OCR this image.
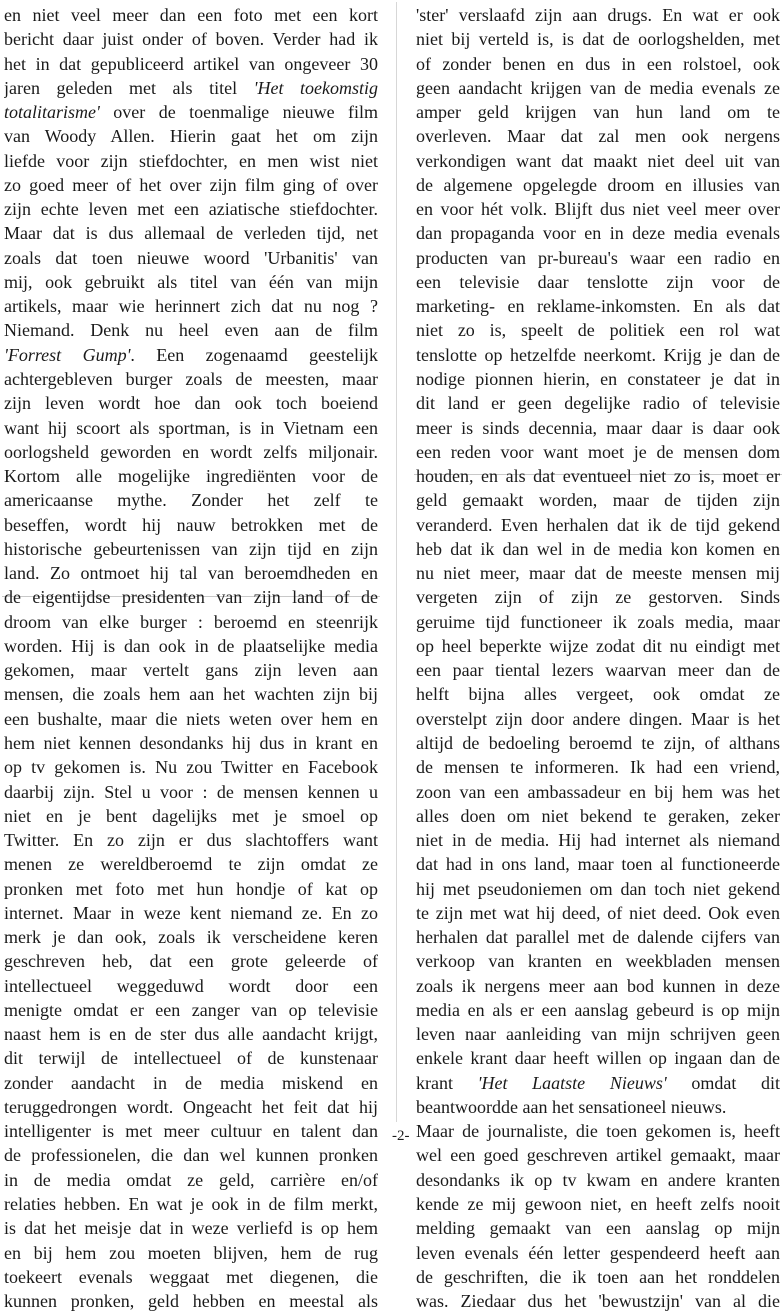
en niet veel meer dan een foto met een kort
bericht daar juist onder of boven. Verder had ik
het in dat gepubliceerd artikel van ongeveer 30
jaren geleden met als titel 'Het toekomstig
totalitarisme' over de toenmalige nieuwe film
van Woody Allen. Hierin gaat het om zijn
liefde voor zijn stiefdochter, en men wist niet
zo goed meer of het over zijn film ging of over
zijn echte leven met een aziatische stiefdochter.
Maar dat is dus allemaal de verleden tijd, net
zoals dat toen nieuwe woord 'Urbanitis' van
mij, ook gebruikt als titel van één van mijn
artikels, maar wie herinnert zich dat nu nog ?
Niemand. Denk nu heel even aan de film
'Forrest Gump'. Een zogenaamd geestelijk
achtergebleven burger zoals de meesten, maar
zijn leven wordt hoe dan ook toch boeiend
want hij scoort als sportman, is in Vietnam een
oorlogsheld geworden en wordt zelfs miljonair.
Kortom alle mogelijke ingrediënten voor de
americaanse mythe. Zonder het zelf te
beseffen, wordt hij nauw betrokken met de
historische gebeurtenissen van zijn tijd en zijn
land. Zo ontmoet hij tal van beroemdheden en
de eigentijdse presidenten van zijn land of de
droom van elke burger : beroemd en steenrijk
worden. Hij is dan ook in de plaatselijke media
gekomen, maar vertelt gans zijn leven aan
mensen, die zoals hem aan het wachten zijn bij
een bushalte, maar die niets weten over hem en
hem niet kennen desondanks hij dus in krant en
op tv gekomen is. Nu zou Twitter en Facebook
daarbij zijn. Stel u voor : de mensen kennen u
niet en je bent dagelijks met je smoel op
Twitter. En zo zijn er dus slachtoffers want
menen ze wereldberoemd te zijn omdat ze
pronken met foto met hun hondje of kat op
internet. Maar in weze kent niemand ze. En zo
merk je dan ook, zoals ik verscheidene keren
geschreven heb, dat een grote geleerde of
intellectueel weggeduwd wordt door een
menigte omdat er een zanger van op televisie
naast hem is en de ster dus alle aandacht krijgt,
dit terwijl de intellectueel of de kunstenaar
zonder aandacht in de media miskend en
teruggedrongen wordt. Ongeacht het feit dat hij
intelligenter is met meer cultuur en talent dan
de professionelen, die dan wel kunnen pronken
in de media omdat ze geld, carrière en/of
relaties hebben. En wat je ook in de film merkt,
is dat het meisje dat in weze verliefd is op hem
en bij hem zou moeten blijven, hem de rug
toekeert evenals weggaat met diegenen, die
kunnen pronken, geld hebben en meestal als
'ster' verslaafd zijn aan drugs. En wat er ook
niet bij verteld is, is dat de oorlogshelden, met
of zonder benen en dus in een rolstoel, ook
geen aandacht krijgen van de media evenals ze
amper geld krijgen van hun land om te
overleven. Maar dat zal men ook nergens
verkondigen want dat maakt niet deel uit van
de algemene opgelegde droom en illusies van
en voor hét volk. Blijft dus niet veel meer over
dan propaganda voor en in deze media evenals
producten van pr-bureau's waar een radio en
een televisie daar tenslotte zijn voor de
marketing- en reklame-inkomsten. En als dat
niet zo is, speelt de politiek een rol wat
tenslotte op hetzelfde neerkomt. Krijg je dan de
nodige pionnen hierin, en constateer je dat in
dit land er geen degelijke radio of televisie
meer is sinds decennia, maar daar is daar ook
een reden voor want moet je de mensen dom
houden, en als dat eventueel niet zo is, moet er
geld gemaakt worden, maar de tijden zijn
veranderd. Even herhalen dat ik de tijd gekend
heb dat ik dan wel in de media kon komen en
nu niet meer, maar dat de meeste mensen mij
vergeten zijn of zijn ze gestorven. Sinds
geruime tijd functioneer ik zoals media, maar
op heel beperkte wijze zodat dit nu eindigt met
een paar tiental lezers waarvan meer dan de
helft bijna alles vergeet, ook omdat ze
overstelpt zijn door andere dingen. Maar is het
altijd de bedoeling beroemd te zijn, of althans
de mensen te informeren. Ik had een vriend,
zoon van een ambassadeur en bij hem was het
alles doen om niet bekend te geraken, zeker
niet in de media. Hij had internet als niemand
dat had in ons land, maar toen al functioneerde
hij met pseudoniemen om dan toch niet gekend
te zijn met wat hij deed, of niet deed. Ook even
herhalen dat parallel met de dalende cijfers van
verkoop van kranten en weekbladen mensen
zoals ik nergens meer aan bod kunnen in deze
media en als er een aanslag gebeurd is op mijn
leven naar aanleiding van mijn schrijven geen
enkele krant daar heeft willen op ingaan dan de
krant 'Het Laatste Nieuws' omdat dit
beantwoordde aan het sensationeel nieuws.
Maar de journaliste, die toen gekomen is, heeft
wel een goed geschreven artikel gemaakt, maar
desondanks ik op tv kwam en andere kranten
kende ze mij gewoon niet, en heeft zelfs nooit
melding gemaakt van een aanslag op mijn
leven evenals één letter gespendeerd heeft aan
de geschriften, die ik toen aan het ronddelen
was. Ziedaar dus het 'bewustzijn' van al die
-2-
